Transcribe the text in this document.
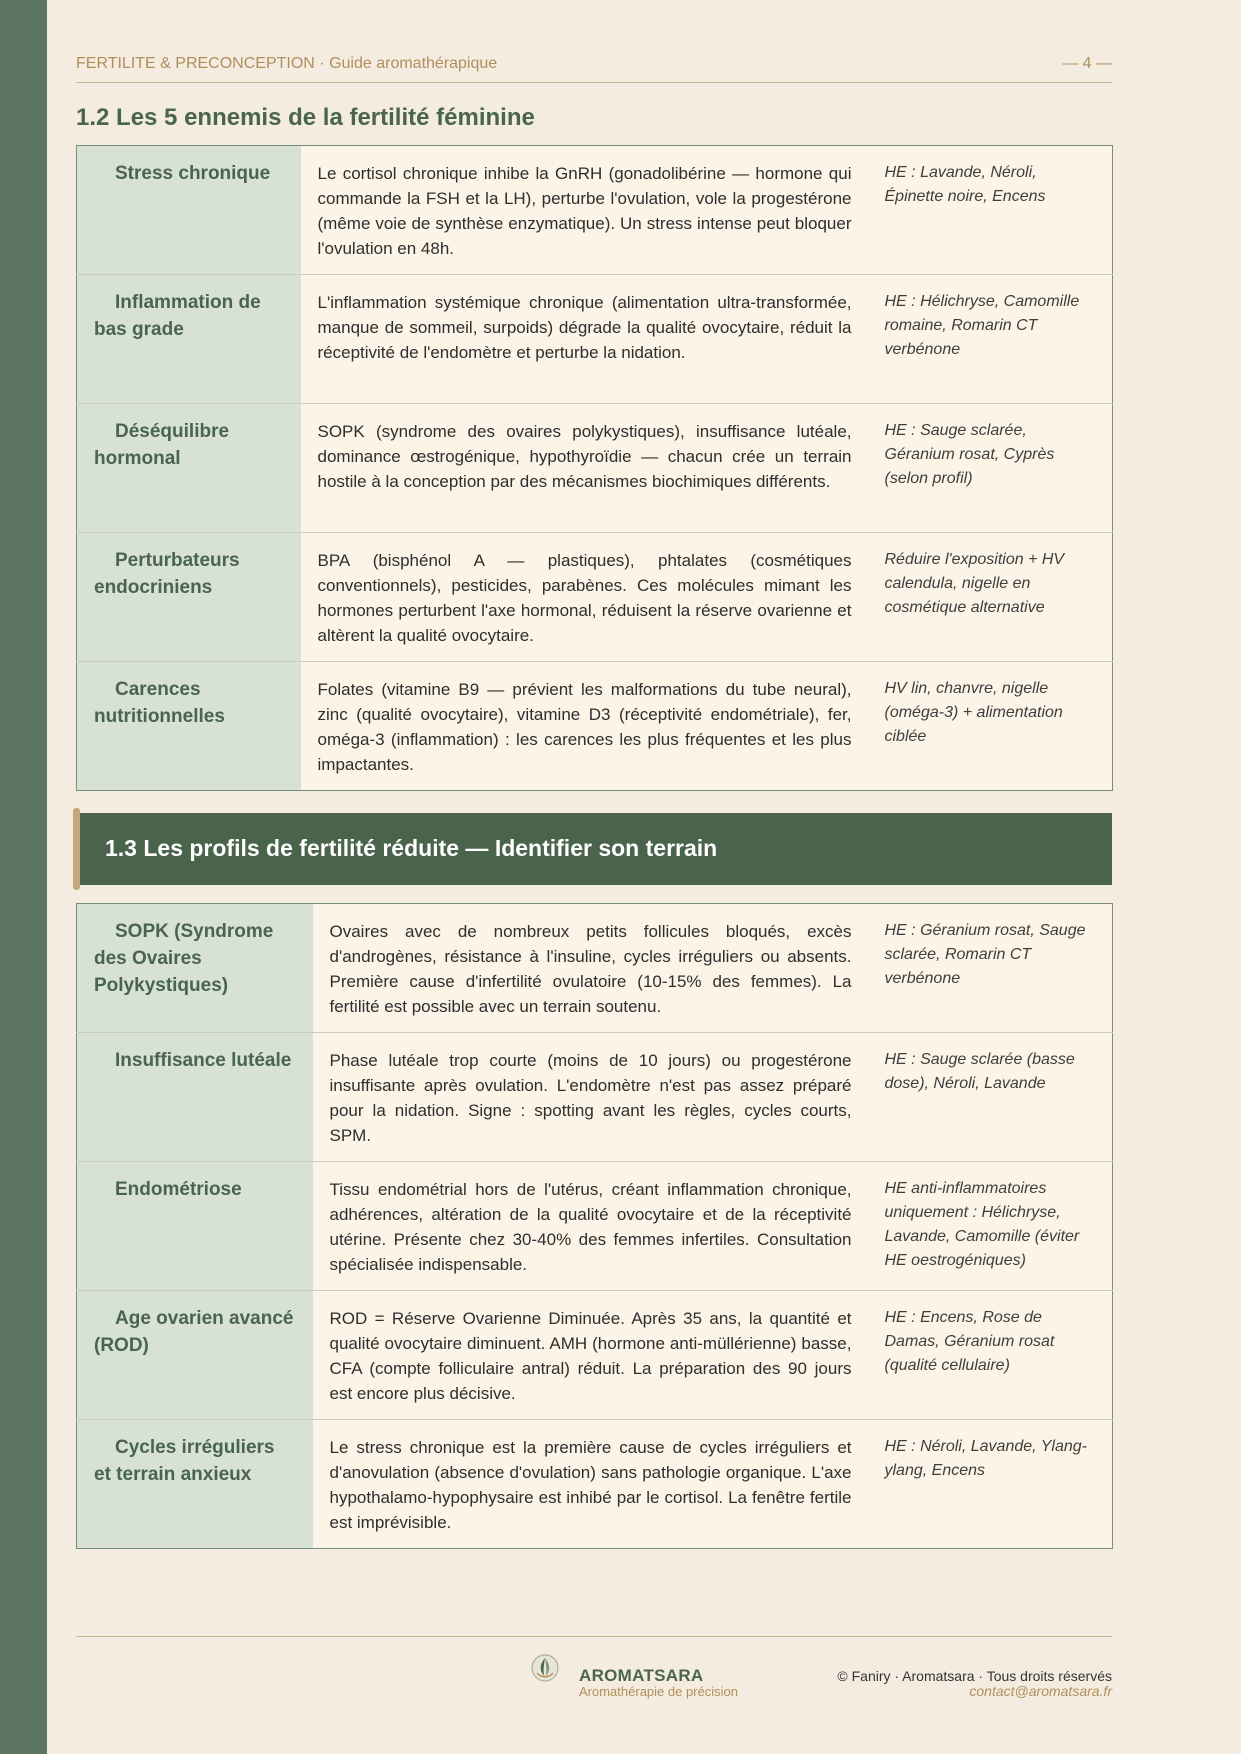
FERTILITE & PRECONCEPTION · Guide aromathérapique	— 4 —
1.2 Les 5 ennemis de la fertilité féminine
Stress chronique	Le cortisol chronique inhibe la GnRH (gonadolibérine — hormone qui commande la FSH et la LH), perturbe l'ovulation, vole la progestérone (même voie de synthèse enzymatique). Un stress intense peut bloquer l'ovulation en 48h.	HE : Lavande, Néroli, Épinette noire, Encens
Inflammation de bas grade	L'inflammation systémique chronique (alimentation ultra-transformée, manque de sommeil, surpoids) dégrade la qualité ovocytaire, réduit la réceptivité de l'endomètre et perturbe la nidation.	HE : Hélichryse, Camomille romaine, Romarin CT verbénone
Déséquilibre hormonal	SOPK (syndrome des ovaires polykystiques), insuffisance lutéale, dominance œstrogénique, hypothyroïdie — chacun crée un terrain hostile à la conception par des mécanismes biochimiques différents.	HE : Sauge sclarée, Géranium rosat, Cyprès (selon profil)
Perturbateurs endocriniens	BPA (bisphénol A — plastiques), phtalates (cosmétiques conventionnels), pesticides, parabènes. Ces molécules mimant les hormones perturbent l'axe hormonal, réduisent la réserve ovarienne et altèrent la qualité ovocytaire.	Réduire l'exposition + HV calendula, nigelle en cosmétique alternative
Carences nutritionnelles	Folates (vitamine B9 — prévient les malformations du tube neural), zinc (qualité ovocytaire), vitamine D3 (réceptivité endométriale), fer, oméga-3 (inflammation) : les carences les plus fréquentes et les plus impactantes.	HV lin, chanvre, nigelle (oméga-3) + alimentation ciblée
1.3 Les profils de fertilité réduite — Identifier son terrain
SOPK (Syndrome des Ovaires Polykystiques)	Ovaires avec de nombreux petits follicules bloqués, excès d'androgènes, résistance à l'insuline, cycles irréguliers ou absents. Première cause d'infertilité ovulatoire (10-15% des femmes). La fertilité est possible avec un terrain soutenu.	HE : Géranium rosat, Sauge sclarée, Romarin CT verbénone
Insuffisance lutéale	Phase lutéale trop courte (moins de 10 jours) ou progestérone insuffisante après ovulation. L'endomètre n'est pas assez préparé pour la nidation. Signe : spotting avant les règles, cycles courts, SPM.	HE : Sauge sclarée (basse dose), Néroli, Lavande
Endométriose	Tissu endométrial hors de l'utérus, créant inflammation chronique, adhérences, altération de la qualité ovocytaire et de la réceptivité utérine. Présente chez 30-40% des femmes infertiles. Consultation spécialisée indispensable.	HE anti-inflammatoires uniquement : Hélichryse, Lavande, Camomille (éviter HE oestrogéniques)
Age ovarien avancé (ROD)	ROD = Réserve Ovarienne Diminuée. Après 35 ans, la quantité et qualité ovocytaire diminuent. AMH (hormone anti-müllérienne) basse, CFA (compte folliculaire antral) réduit. La préparation des 90 jours est encore plus décisive.	HE : Encens, Rose de Damas, Géranium rosat (qualité cellulaire)
Cycles irréguliers et terrain anxieux	Le stress chronique est la première cause de cycles irréguliers et d'anovulation (absence d'ovulation) sans pathologie organique. L'axe hypothalamo-hypophysaire est inhibé par le cortisol. La fenêtre fertile est imprévisible.	HE : Néroli, Lavande, Ylang-ylang, Encens
AROMATSARA
Aromathérapie de précision
© Faniry · Aromatsara · Tous droits réservés
contact@aromatsara.fr
